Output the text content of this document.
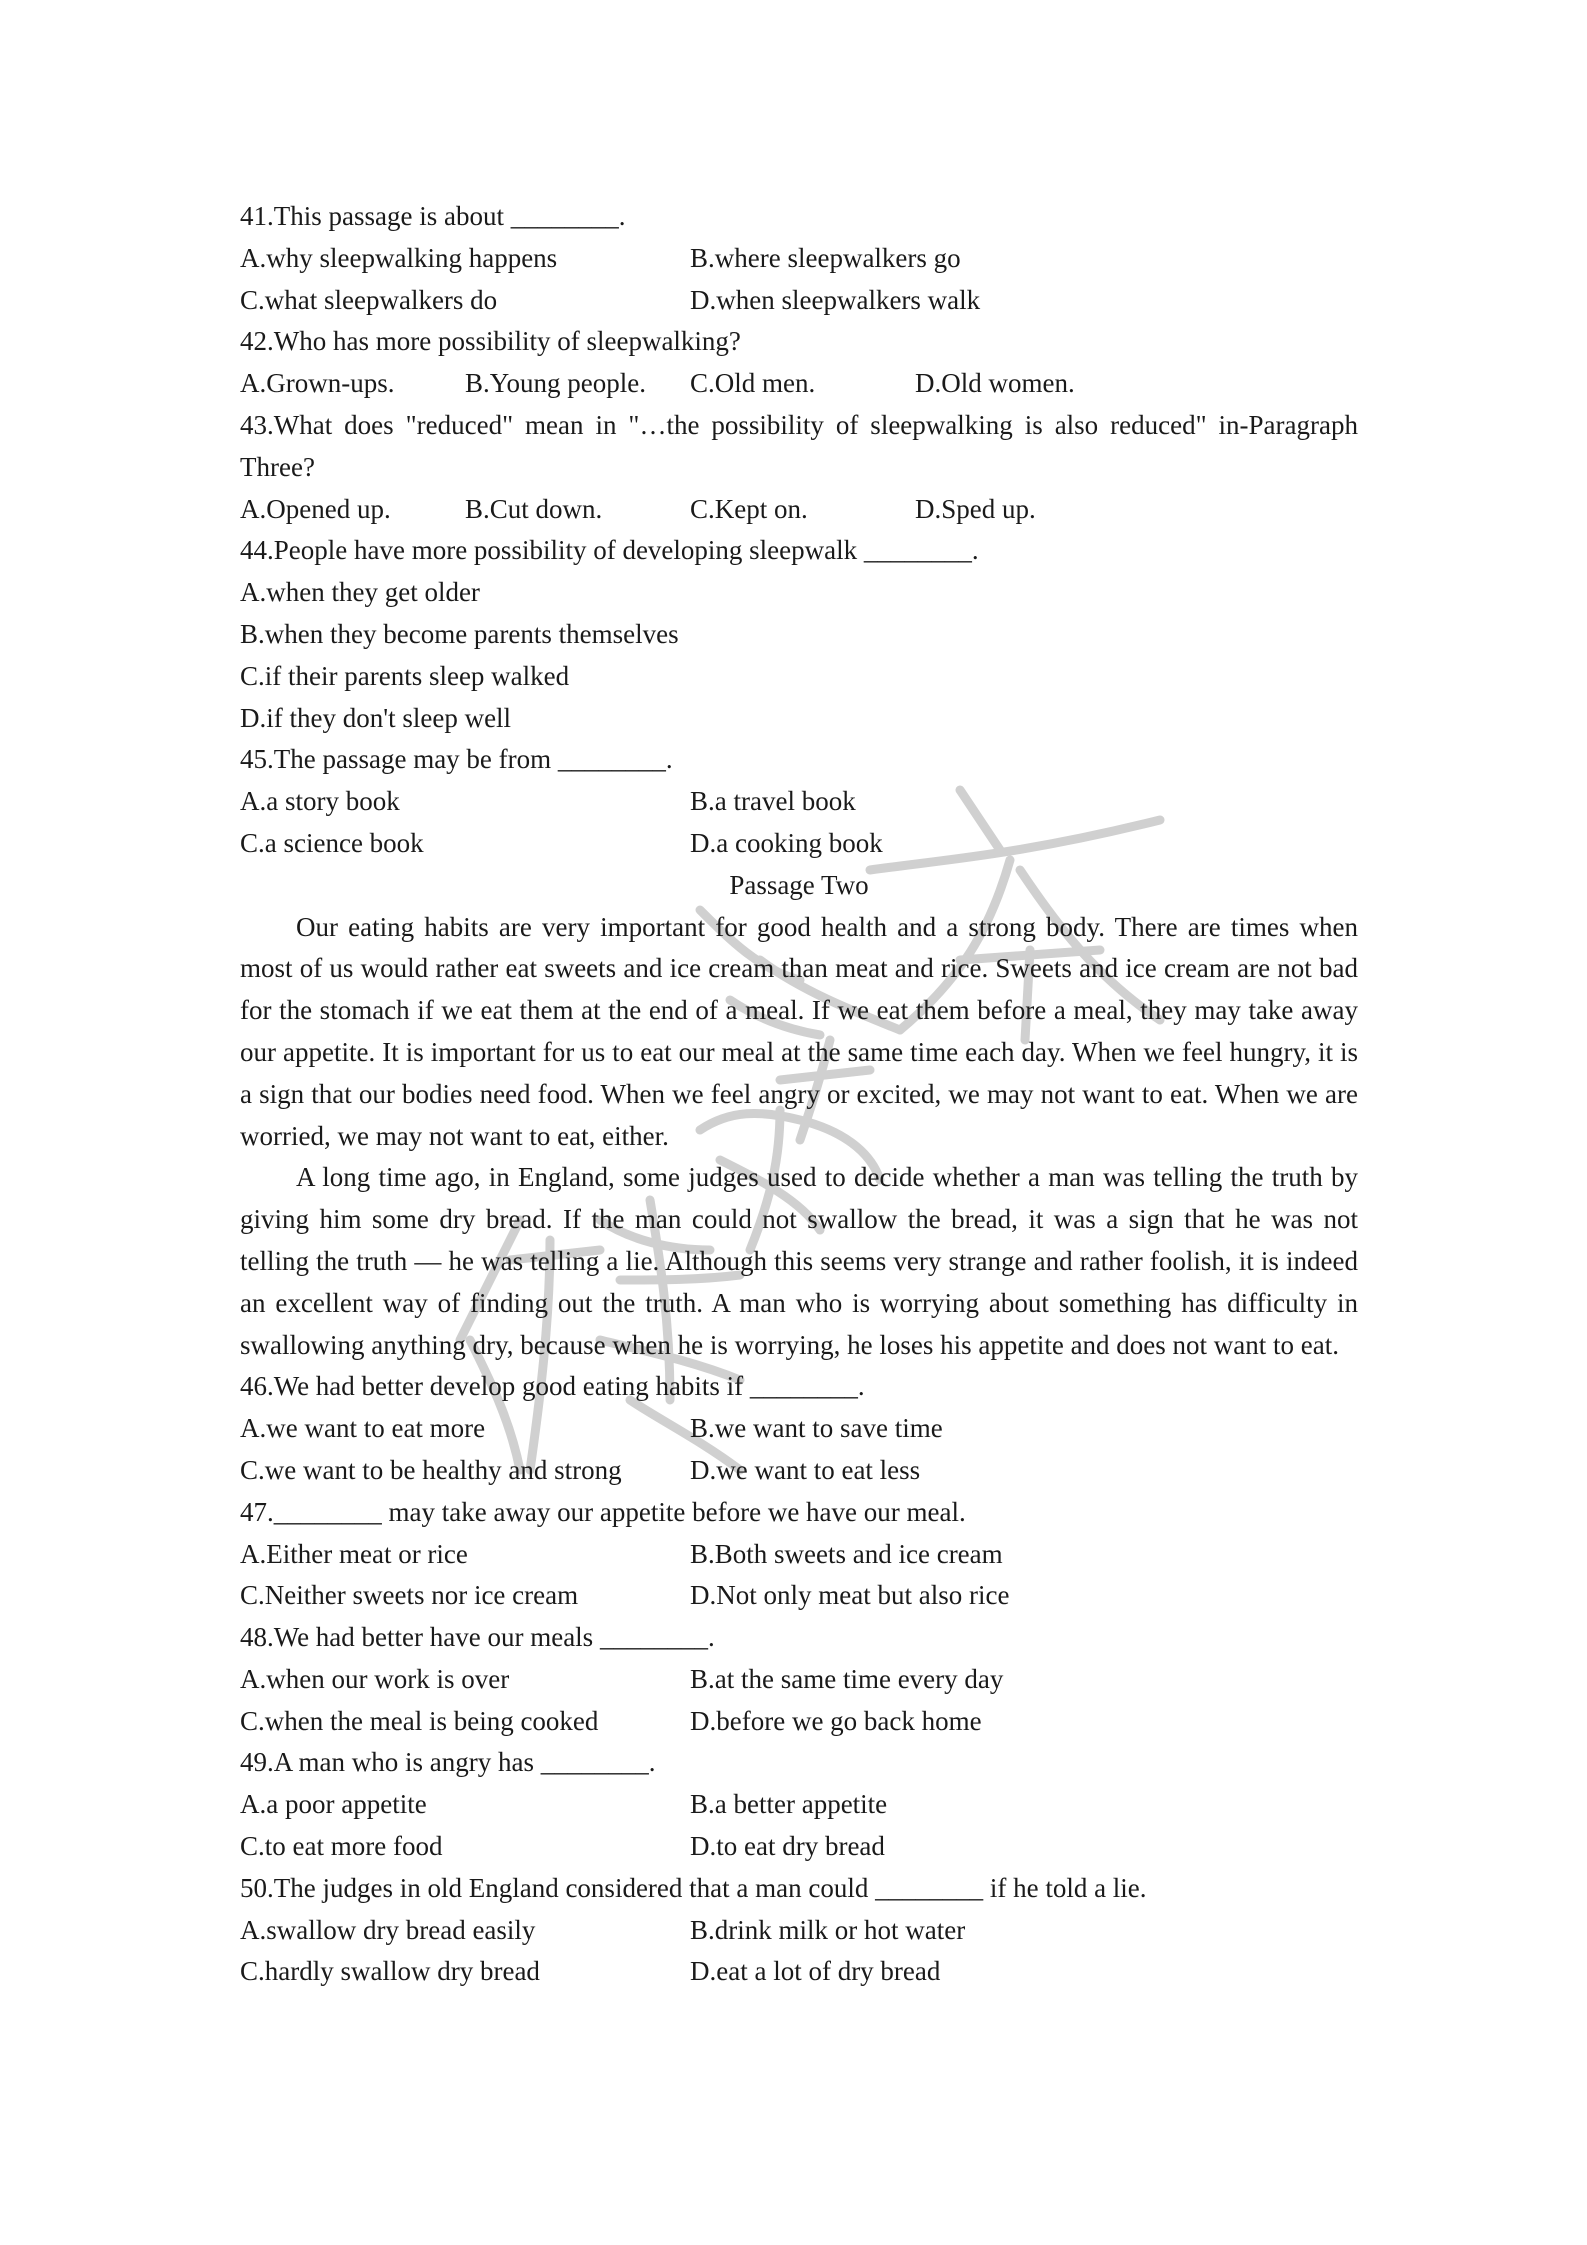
41.This passage is about ________.
A.why sleepwalking happens	B.where sleepwalkers go
C.what sleepwalkers do	D.when sleepwalkers walk
42.Who has more possibility of sleepwalking?
A.Grown-ups.	B.Young people. C.Old men.	D.Old women.
43.What does "reduced" mean in "…the possibility of sleepwalking is also reduced" in-Paragraph
Three?
A.Opened up.	B.Cut down.	C.Kept on.	D.Sped up.
44.People have more possibility of developing sleepwalk ________.
A.when they get older
B.when they become parents themselves
C.if their parents sleep walked
D.if they don't sleep well
45.The passage may be from ________.
A.a story book	B.a travel book
C.a science book	D.a cooking book
Passage Two

Our eating habits are very important for good health and a strong body. There are times when most of us would rather eat sweets and ice cream than meat and rice. Sweets and ice cream are not bad for the stomach if we eat them at the end of a meal. If we eat them before a meal, they may take away our appetite. It is important for us to eat our meal at the same time each day. When we feel hungry, it is a sign that our bodies need food. When we feel angry or excited, we may not want to eat. When we are worried, we may not want to eat, either.

A long time ago, in England, some judges used to decide whether a man was telling the truth by giving him some dry bread. If the man could not swallow the bread, it was a sign that he was not telling the truth — he was telling a lie. Although this seems very strange and rather foolish, it is indeed an excellent way of finding out the truth. A man who is worrying about something has difficulty in swallowing anything dry, because when he is worrying, he loses his appetite and does not want to eat.

46.We had better develop good eating habits if ________.
A.we want to eat more	B.we want to save time
C.we want to be healthy and strong	D.we want to eat less
47.________ may take away our appetite before we have our meal.
A.Either meat or rice	B.Both sweets and ice cream
C.Neither sweets nor ice cream	D.Not only meat but also rice
48.We had better have our meals ________.
A.when our work is over	B.at the same time every day
C.when the meal is being cooked	D.before we go back home
49.A man who is angry has ________.
A.a poor appetite	B.a better appetite
C.to eat more food	D.to eat dry bread
50.The judges in old England considered that a man could ________ if he told a lie.
A.swallow dry bread easily	B.drink milk or hot water
C.hardly swallow dry bread	D.eat a lot of dry bread
